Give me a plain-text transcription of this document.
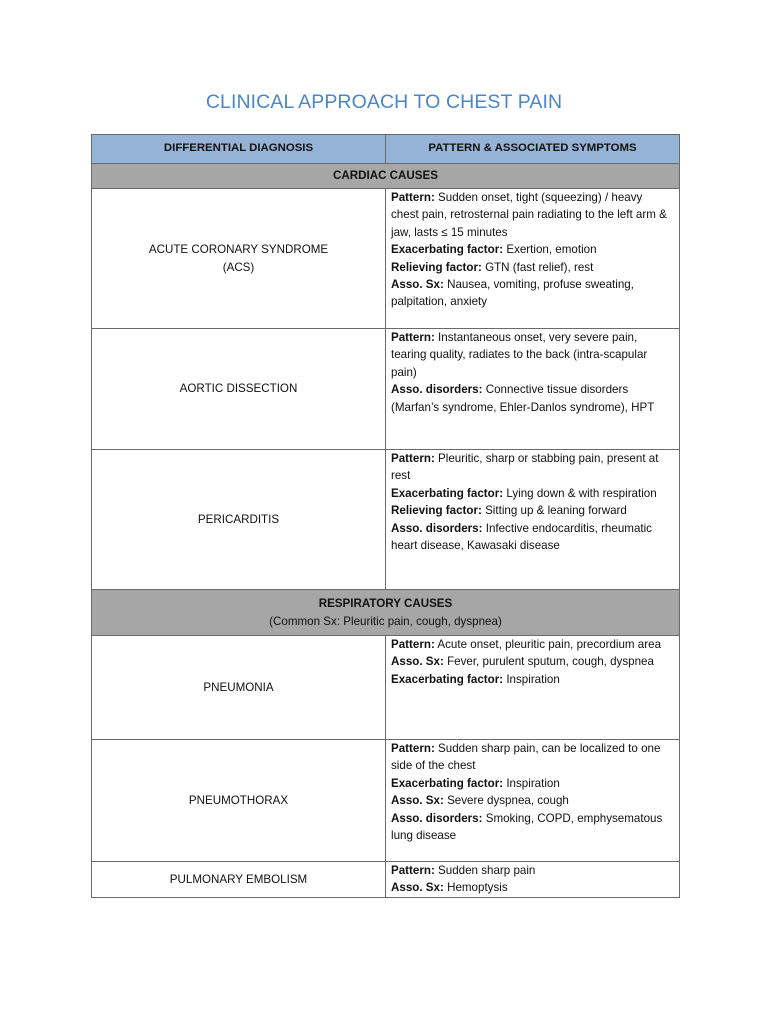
CLINICAL APPROACH TO CHEST PAIN
DIFFERENTIAL DIAGNOSIS	PATTERN & ASSOCIATED SYMPTOMS

CARDIAC CAUSES	

ACUTE CORONARY SYNDROME
(ACS)	Pattern: Sudden onset, tight (squeezing) / heavy chest pain, retrosternal pain radiating to the left arm & jaw, lasts ≤ 15 minutes
Exacerbating factor: Exertion, emotion
Relieving factor: GTN (fast relief), rest
Asso. Sx: Nausea, vomiting, profuse sweating, palpitation, anxiety

AORTIC DISSECTION	Pattern: Instantaneous onset, very severe pain, tearing quality, radiates to the back (intra-scapular pain)
Asso. disorders: Connective tissue disorders (Marfan’s syndrome, Ehler-Danlos syndrome), HPT

PERICARDITIS	Pattern: Pleuritic, sharp or stabbing pain, present at rest
Exacerbating factor: Lying down & with respiration
Relieving factor: Sitting up & leaning forward
Asso. disorders: Infective endocarditis, rheumatic heart disease, Kawasaki disease

RESPIRATORY CAUSES
(Common Sx: Pleuritic pain, cough, dyspnea)	

PNEUMONIA	Pattern: Acute onset, pleuritic pain, precordium area
Asso. Sx: Fever, purulent sputum, cough, dyspnea
Exacerbating factor: Inspiration

PNEUMOTHORAX	Pattern: Sudden sharp pain, can be localized to one side of the chest
Exacerbating factor: Inspiration
Asso. Sx: Severe dyspnea, cough
Asso. disorders: Smoking, COPD, emphysematous lung disease

PULMONARY EMBOLISM	Pattern: Sudden sharp pain
Asso. Sx: Hemoptysis
